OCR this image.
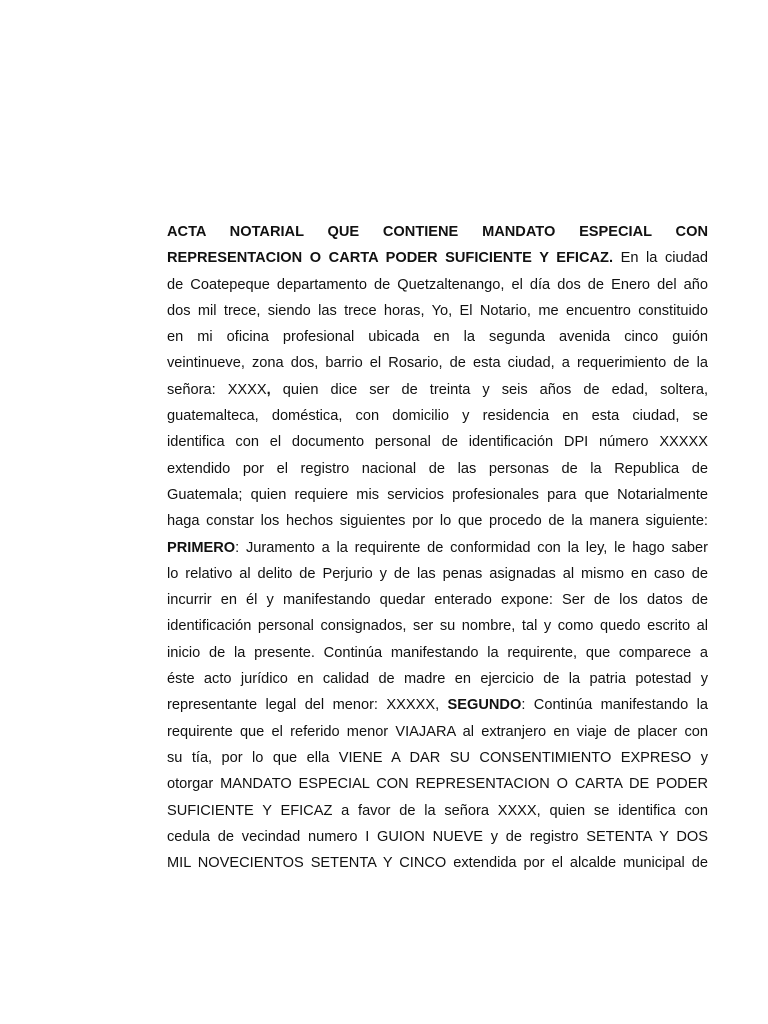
ACTA NOTARIAL QUE CONTIENE MANDATO ESPECIAL CON
REPRESENTACION O CARTA PODER SUFICIENTE Y EFICAZ. En la ciudad
de Coatepeque departamento de Quetzaltenango, el día dos de Enero del año
dos mil trece, siendo las trece horas, Yo, El Notario, me encuentro constituido
en mi oficina profesional ubicada en la segunda avenida cinco guión
veintinueve, zona dos, barrio el Rosario, de esta ciudad, a requerimiento de la
señora: XXXX, quien dice ser de treinta y seis años de edad, soltera,
guatemalteca, doméstica, con domicilio y residencia en esta ciudad, se
identifica con el documento personal de identificación DPI número XXXXX
extendido por el registro nacional de las personas de la Republica de
Guatemala; quien requiere mis servicios profesionales para que Notarialmente
haga constar los hechos siguientes por lo que procedo de la manera siguiente:
PRIMERO: Juramento a la requirente de conformidad con la ley, le hago saber
lo relativo al delito de Perjurio y de las penas asignadas al mismo en caso de
incurrir en él y manifestando quedar enterado expone: Ser de los datos de
identificación personal consignados, ser su nombre, tal y como quedo escrito al
inicio de la presente. Continúa manifestando la requirente, que comparece a
éste acto jurídico en calidad de madre en ejercicio de la patria potestad y
representante legal del menor: XXXXX, SEGUNDO: Continúa manifestando la
requirente que el referido menor VIAJARA al extranjero en viaje de placer con
su tía, por lo que ella VIENE A DAR SU CONSENTIMIENTO EXPRESO y
otorgar MANDATO ESPECIAL CON REPRESENTACION O CARTA DE PODER
SUFICIENTE Y EFICAZ a favor de la señora XXXX, quien se identifica con
cedula de vecindad numero I GUION NUEVE y de registro SETENTA Y DOS
MIL NOVECIENTOS SETENTA Y CINCO extendida por el alcalde municipal de
